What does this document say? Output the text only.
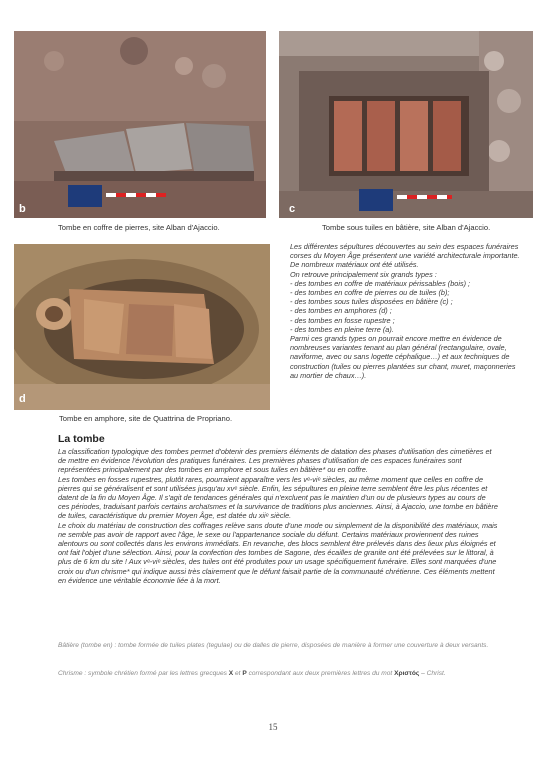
b
Tombe en coffre de pierres, site Alban d'Ajaccio.
c
Tombe sous tuiles en bâtière, site Alban d'Ajaccio.
d
Tombe en amphore, site de Quattrina de Propriano.

Les différentes sépultures découvertes au sein des espaces funéraires corses du Moyen Âge présentent une variété architecturale importante.

De nombreux matériaux ont été utilisés.

On retrouve principalement six grands types :

- des tombes en coffre de matériaux périssables (bois) ;

- des tombes en coffre de pierres ou de tuiles (b);

- des tombes sous tuiles disposées en bâtière (c) ;

- des tombes en amphores (d) ;

- des tombes en fosse rupestre ;

- des tombes en pleine terre (a).

Parmi ces grands types on pourrait encore mettre en évidence de nombreuses variantes tenant au plan général (rectangulaire, ovale, naviforme, avec ou sans logette céphalique…) et aux techniques de construction (tuiles ou pierres plantées sur chant, muret, maçonneries au mortier de chaux…).

La tombe

La classification typologique des tombes permet d'obtenir des premiers éléments de datation des phases d'utilisation des cimetières et de mettre en évidence l'évolution des pratiques funéraires. Les premières phases d'utilisation de ces espaces funéraires sont représentées principalement par des tombes en amphore et sous tuiles en bâtière* ou en coffre.

Les tombes en fosses rupestres, plutôt rares, pourraient apparaître vers les vᵉ-viᵉ siècles, au même moment que celles en coffre de pierres qui se généralisent et sont utilisées jusqu'au xvᵉ siècle. Enfin, les sépultures en pleine terre semblent être les plus récentes et datent de la fin du Moyen Âge. Il s'agit de tendances générales qui n'excluent pas le maintien d'un ou de plusieurs types au cours de ces périodes, traduisant parfois certains archaïsmes et la survivance de traditions plus anciennes. Ainsi, à Ajaccio, une tombe en bâtière de tuiles, caractéristique du premier Moyen Âge, est datée du xiiᵉ siècle.

Le choix du matériau de construction des coffrages relève sans doute d'une mode ou simplement de la disponibilité des matériaux, mais ne semble pas avoir de rapport avec l'âge, le sexe ou l'appartenance sociale du défunt. Certains matériaux proviennent des ruines alentours ou sont collectés dans les environs immédiats. En revanche, des blocs semblent être prélevés dans des lieux plus éloignés et ont fait l'objet d'une sélection. Ainsi, pour la confection des tombes de Sagone, des écailles de granite ont été prélevées sur le littoral, à plus de 6 km du site ! Aux vᵉ-viᵉ siècles, des tuiles ont été produites pour un usage spécifiquement funéraire. Elles sont marquées d'une croix ou d'un chrisme* qui indique aussi très clairement que le défunt faisait partie de la communauté chrétienne. Ces éléments mettent en évidence une véritable économie liée à la mort.

Bâtière (tombe en) : tombe formée de tuiles plates (tegulae) ou de dalles de pierre, disposées de manière à former une couverture à deux versants.
Chrisme : symbole chrétien formé par les lettres grecques X et P correspondant aux deux premières lettres du mot Χριστός – Christ.
15
